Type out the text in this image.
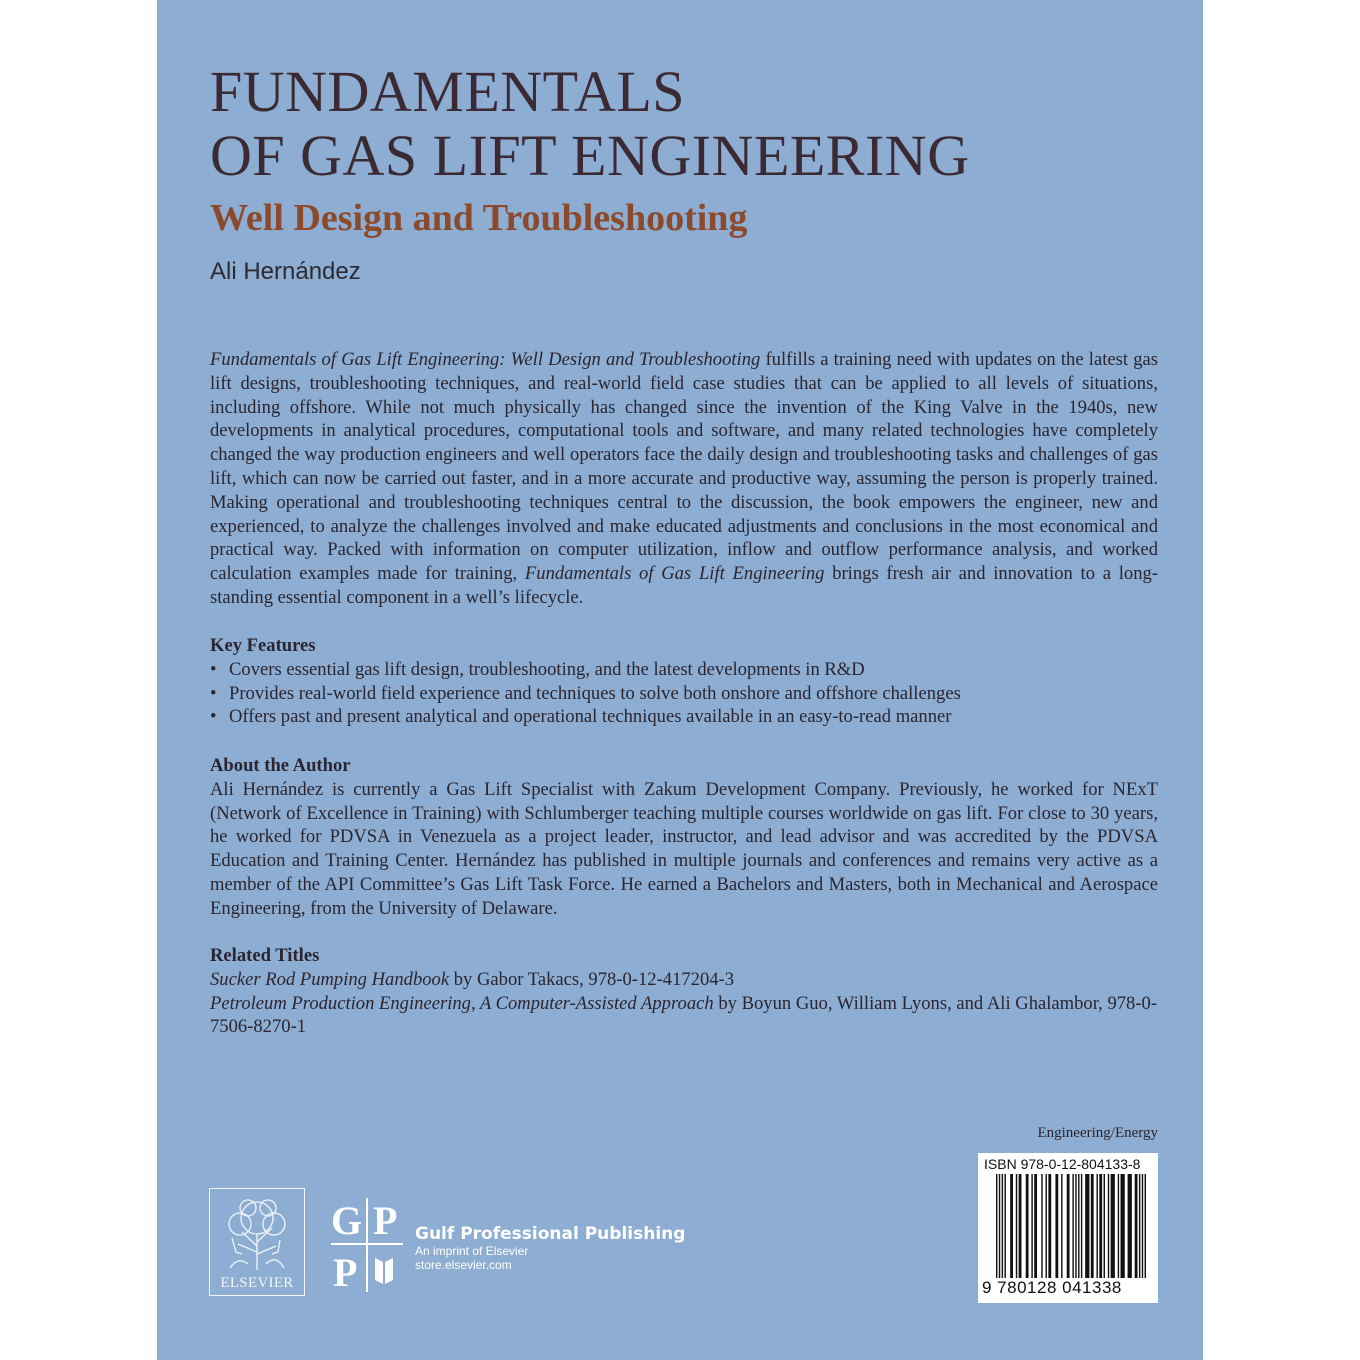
FUNDAMENTALS
OF GAS LIFT ENGINEERING
Well Design and Troubleshooting
Ali Hernández
Fundamentals of Gas Lift Engineering: Well Design and Troubleshooting fulfills a training need with updates on the latest gas lift designs, troubleshooting techniques, and real-world field case studies that can be applied to all levels of situations, including offshore. While not much physically has changed since the invention of the King Valve in the 1940s, new developments in analytical procedures, computational tools and software, and many related technologies have completely changed the way production engineers and well operators face the daily design and troubleshooting tasks and challenges of gas lift, which can now be carried out faster, and in a more accurate and productive way, assuming the person is properly trained. Making operational and troubleshooting techniques central to the discussion, the book empowers the engineer, new and experienced, to analyze the challenges involved and make educated adjustments and conclusions in the most economical and practical way. Packed with information on computer utilization, inflow and outflow performance analysis, and worked calculation examples made for training, Fundamentals of Gas Lift Engineering brings fresh air and innovation to a long-standing essential component in a well’s lifecycle.
Key Features
• Covers essential gas lift design, troubleshooting, and the latest developments in R&D
• Provides real-world field experience and techniques to solve both onshore and offshore challenges
• Offers past and present analytical and operational techniques available in an easy-to-read manner
About the Author
Ali Hernández is currently a Gas Lift Specialist with Zakum Development Company. Previously, he worked for NExT (Network of Excellence in Training) with Schlumberger teaching multiple courses worldwide on gas lift. For close to 30 years, he worked for PDVSA in Venezuela as a project leader, instructor, and lead advisor and was accredited by the PDVSA Education and Training Center. Hernández has published in multiple journals and conferences and remains very active as a member of the API Committee’s Gas Lift Task Force. He earned a Bachelors and Masters, both in Mechanical and Aerospace Engineering, from the University of Delaware.
Related Titles
Sucker Rod Pumping Handbook by Gabor Takacs, 978-0-12-417204-3
Petroleum Production Engineering, A Computer-Assisted Approach by Boyun Guo, William Lyons, and Ali Ghalambor, 978-0-7506-8270-1
Engineering/Energy
ISBN 978-0-12-804133-8
9 780128 041338
ELSEVIER
G P
P
Gulf Professional Publishing
An imprint of Elsevier
store.elsevier.com
